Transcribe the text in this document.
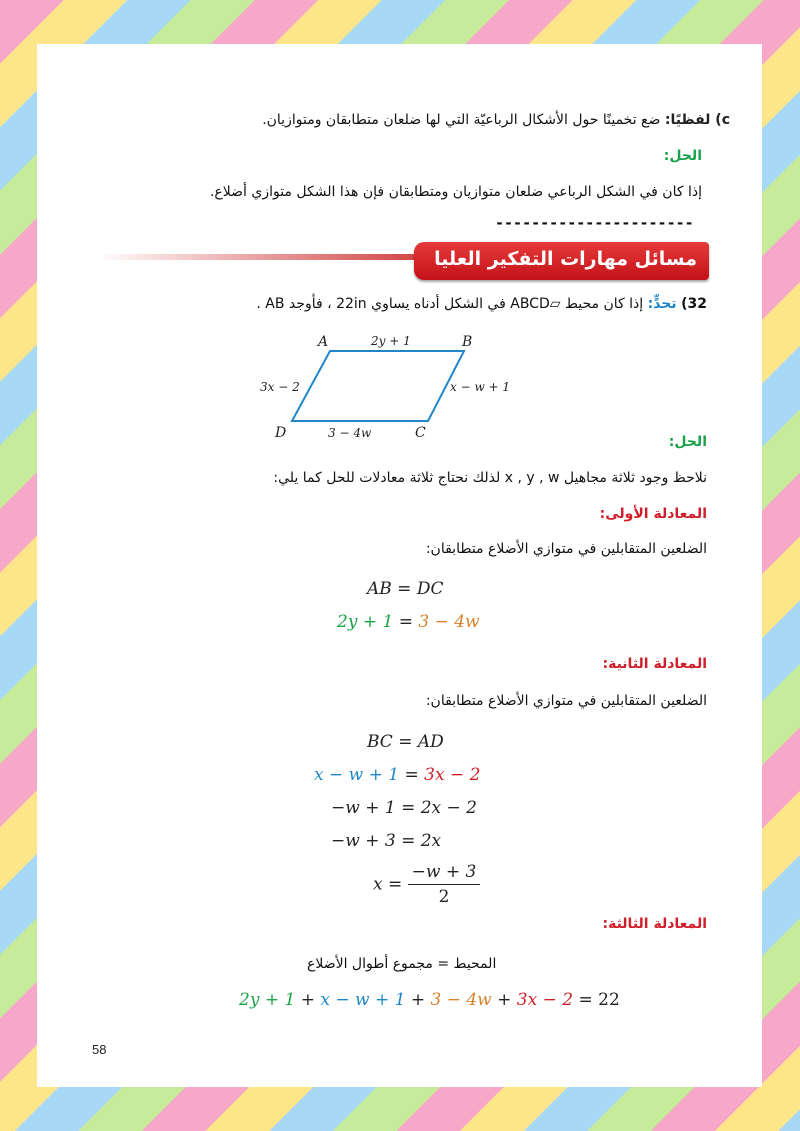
c) لفظيًا: ضع تخمينًا حول الأشكال الرباعيّة التي لها ضلعان متطابقان ومتوازيان.
الحل:
إذا كان في الشكل الرباعي ضلعان متوازيان ومتطابقان فإن هذا الشكل متوازي أضلاع.
----------------------
مسائل مهارات التفكير العليا
32) تحدٍّ: إذا كان محيط ▱ABCD في الشكل أدناه يساوي 22in ، فأوجد AB .
A	B
C
D
2y + 1
x − w + 1
3 − 4w
3x − 2
الحل:
نلاحظ وجود ثلاثة مجاهيل x , y , w لذلك نحتاج ثلاثة معادلات للحل كما يلي:
المعادلة الأولى:
الضلعين المتقابلين في متوازي الأضلاع متطابقان:
AB = DC
2y + 1 = 3 − 4w
المعادلة الثانية:
الضلعين المتقابلين في متوازي الأضلاع متطابقان:
BC = AD
x − w + 1 = 3x − 2
−w + 1 = 2x − 2
−w + 3 = 2x
$x = \frac{-w + 3}{2}$
المعادلة الثالثة:
المحيط = مجموع أطوال الأضلاع
2y + 1 + x − w + 1 + 3 − 4w + 3x − 2 = 22
58
